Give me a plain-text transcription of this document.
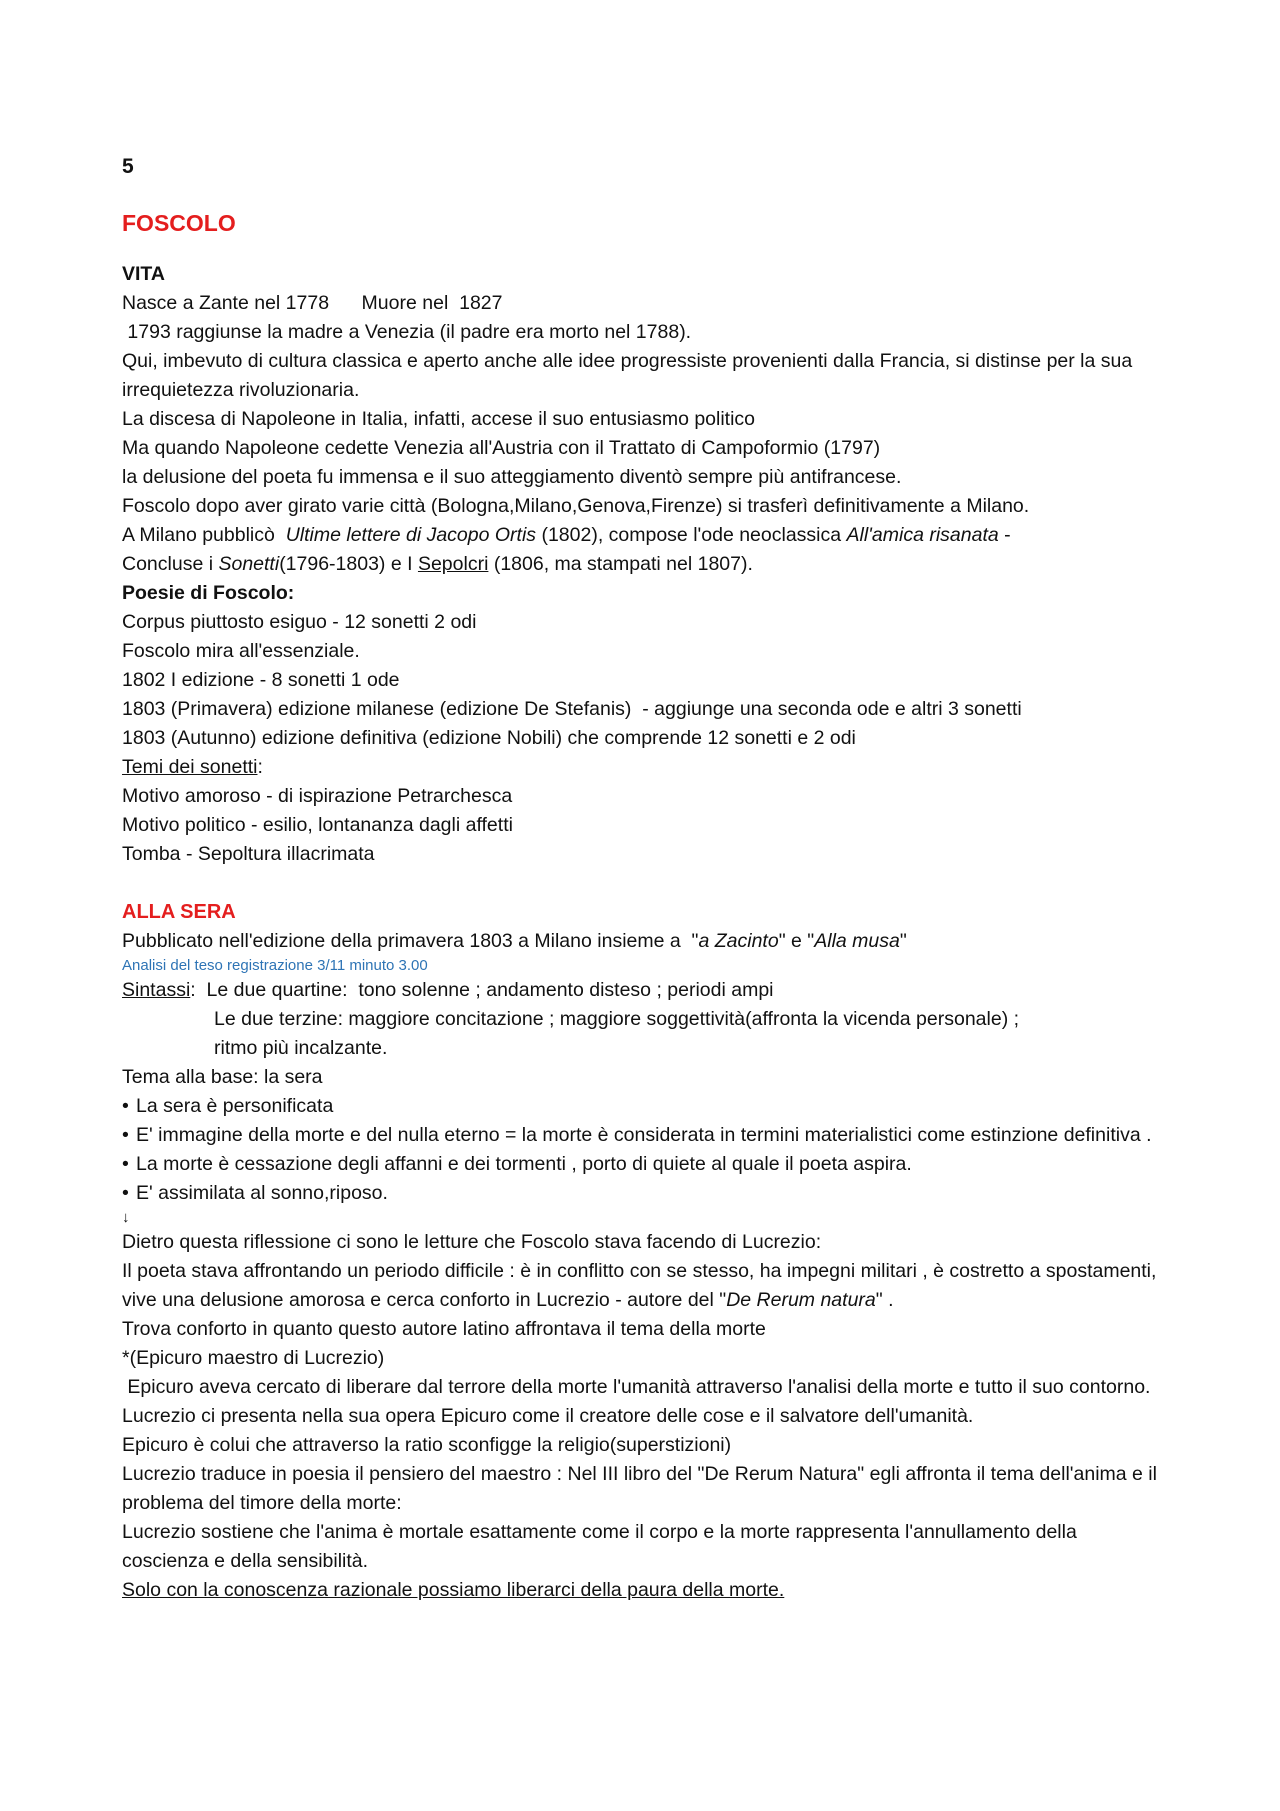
5
FOSCOLO
VITA
Nasce a Zante nel 1778      Muore nel  1827
1793 raggiunse la madre a Venezia (il padre era morto nel 1788).
Qui, imbevuto di cultura classica e aperto anche alle idee progressiste provenienti dalla Francia, si distinse per la sua irrequietezza rivoluzionaria.
La discesa di Napoleone in Italia, infatti, accese il suo entusiasmo politico
Ma quando Napoleone cedette Venezia all'Austria con il Trattato di Campoformio (1797)
la delusione del poeta fu immensa e il suo atteggiamento diventò sempre più antifrancese.
Foscolo dopo aver girato varie città (Bologna,Milano,Genova,Firenze) si trasferì definitivamente a Milano.
A Milano pubblicò  Ultime lettere di Jacopo Ortis (1802), compose l'ode neoclassica All'amica risanata -
Concluse i Sonetti(1796-1803) e I Sepolcri (1806, ma stampati nel 1807).
Poesie di Foscolo:
Corpus piuttosto esiguo - 12 sonetti 2 odi
Foscolo mira all'essenziale.
1802 I edizione - 8 sonetti 1 ode
1803 (Primavera) edizione milanese (edizione De Stefanis)  - aggiunge una seconda ode e altri 3 sonetti
1803 (Autunno) edizione definitiva (edizione Nobili) che comprende 12 sonetti e 2 odi
Temi dei sonetti:
Motivo amoroso - di ispirazione Petrarchesca
Motivo politico - esilio, lontananza dagli affetti
Tomba - Sepoltura illacrimata
ALLA SERA
Pubblicato nell'edizione della primavera 1803 a Milano insieme a  "a Zacinto" e "Alla musa"
Analisi del teso registrazione 3/11 minuto 3.00
Sintassi:  Le due quartine:  tono solenne ; andamento disteso ; periodi ampi
Le due terzine: maggiore concitazione ; maggiore soggettività(affronta la vicenda personale) ;
ritmo più incalzante.
Tema alla base: la sera
• La sera è personificata
• E' immagine della morte e del nulla eterno = la morte è considerata in termini materialistici come estinzione definitiva .
• La morte è cessazione degli affanni e dei tormenti , porto di quiete al quale il poeta aspira.
• E' assimilata al sonno,riposo.
↓
Dietro questa riflessione ci sono le letture che Foscolo stava facendo di Lucrezio:
Il poeta stava affrontando un periodo difficile : è in conflitto con se stesso, ha impegni militari , è costretto a spostamenti, vive una delusione amorosa e cerca conforto in Lucrezio - autore del "De Rerum natura" .
Trova conforto in quanto questo autore latino affrontava il tema della morte
*(Epicuro maestro di Lucrezio)
Epicuro aveva cercato di liberare dal terrore della morte l'umanità attraverso l'analisi della morte e tutto il suo contorno.
Lucrezio ci presenta nella sua opera Epicuro come il creatore delle cose e il salvatore dell'umanità.
Epicuro è colui che attraverso la ratio sconfigge la religio(superstizioni)
Lucrezio traduce in poesia il pensiero del maestro : Nel III libro del "De Rerum Natura" egli affronta il tema dell'anima e il problema del timore della morte:
Lucrezio sostiene che l'anima è mortale esattamente come il corpo e la morte rappresenta l'annullamento della coscienza e della sensibilità.
Solo con la conoscenza razionale possiamo liberarci della paura della morte.
